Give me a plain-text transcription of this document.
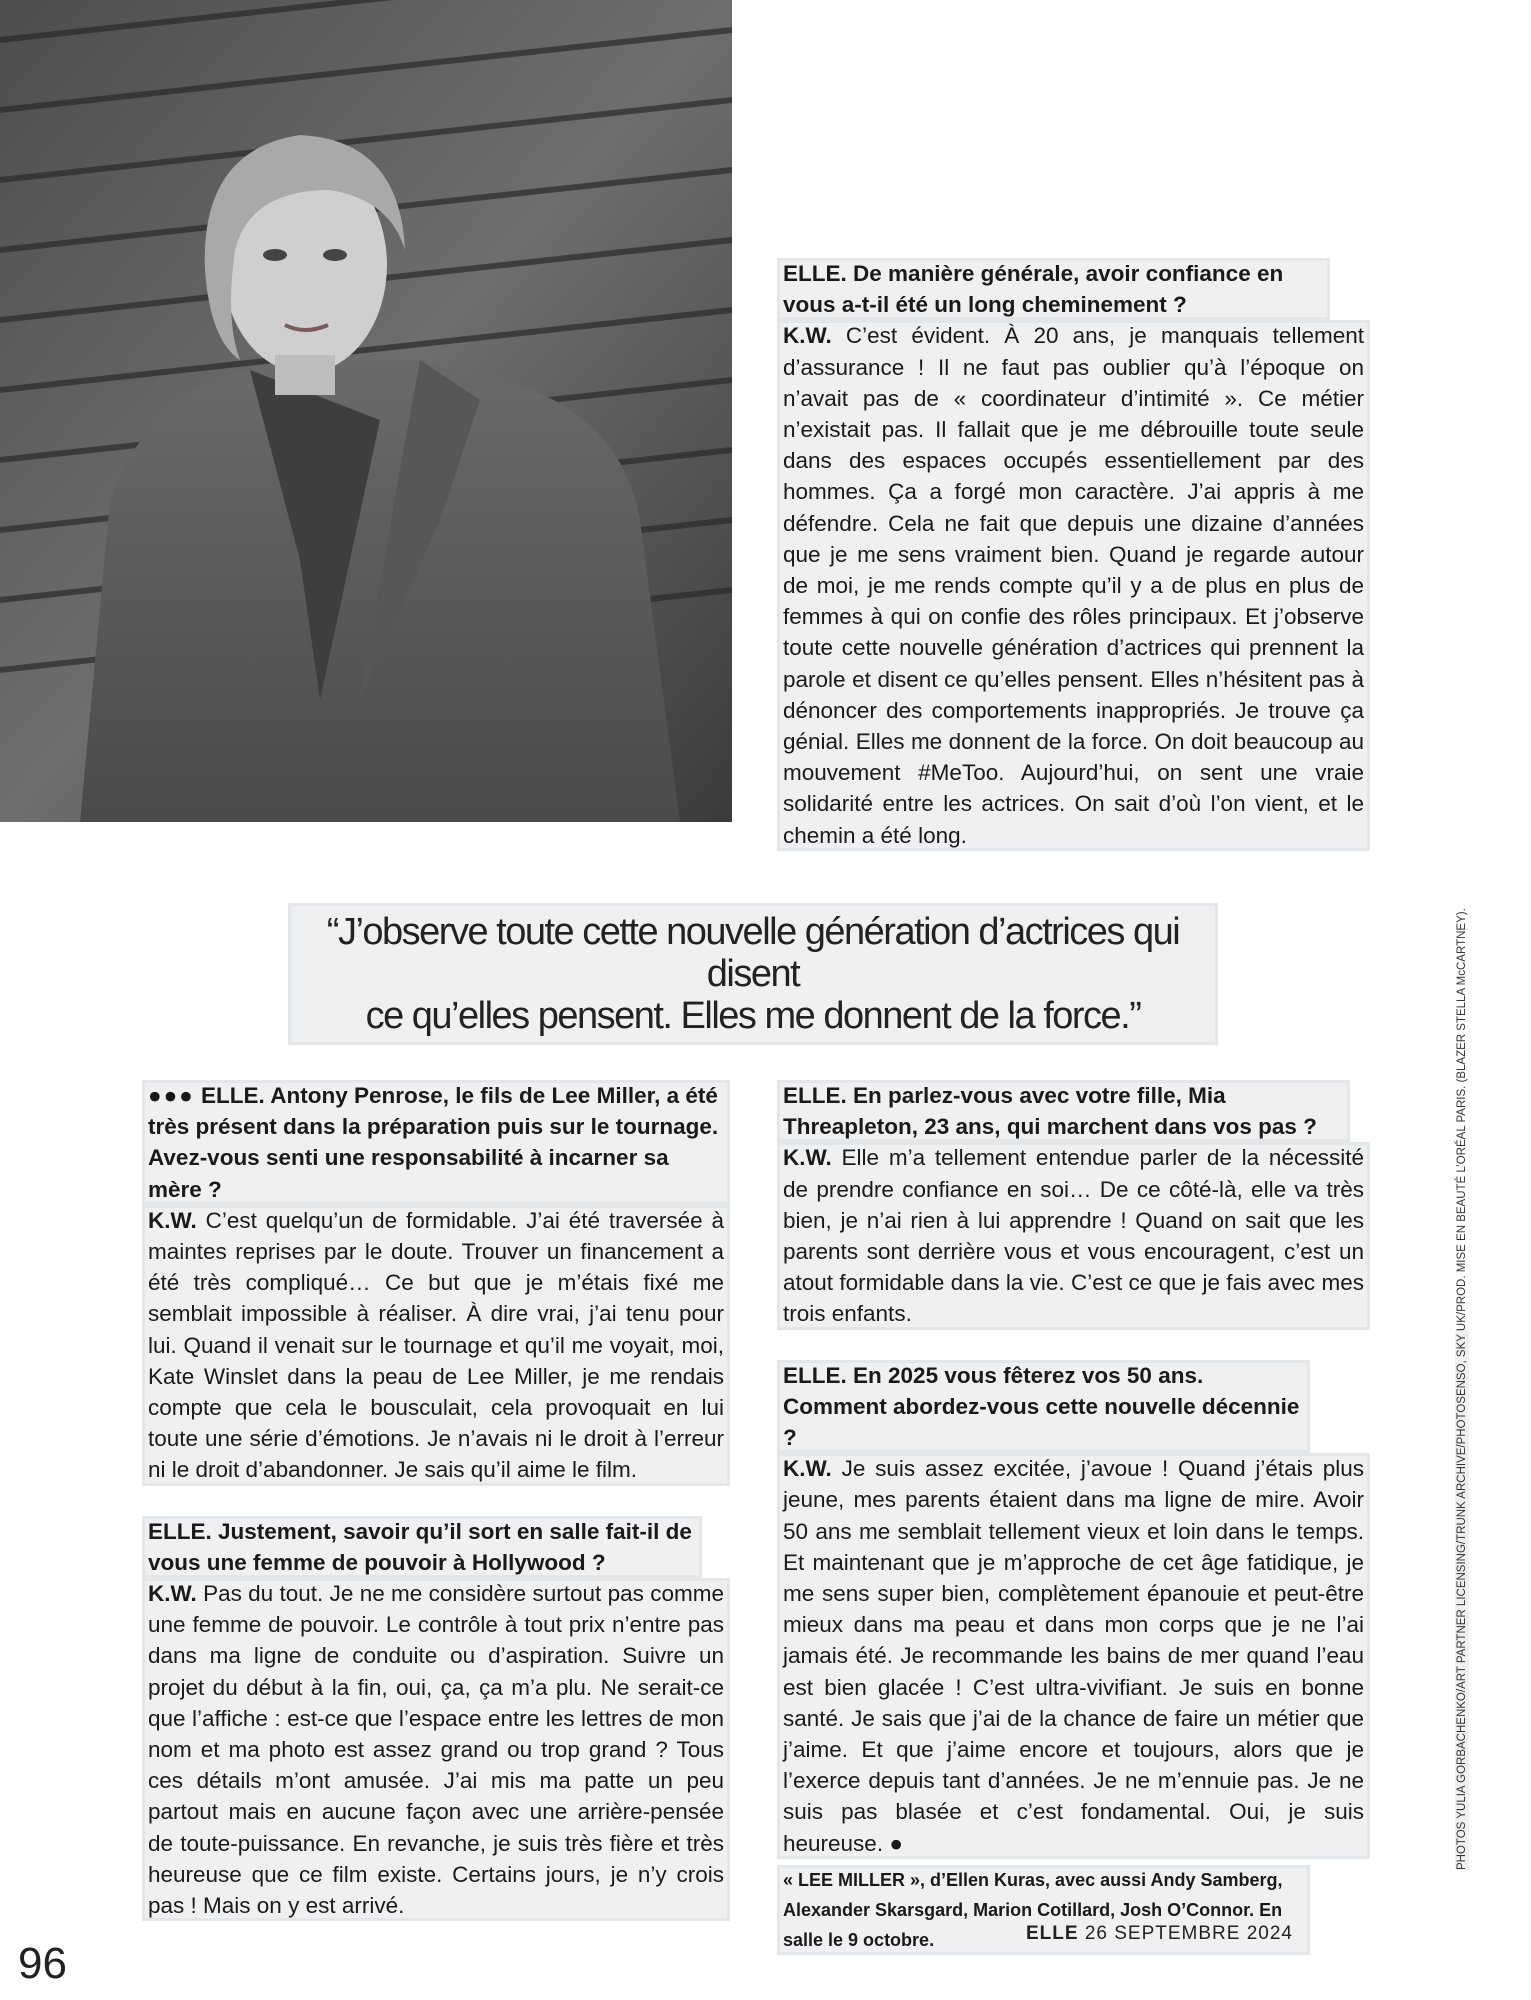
ELLE. De manière générale, avoir confiance en vous a-t-il été un long cheminement ?

K.W. C’est évident. À 20 ans, je manquais tellement d’assurance ! Il ne faut pas oublier qu’à l’époque on n’avait pas de « coordinateur d’intimité ». Ce métier n’existait pas. Il fallait que je me débrouille toute seule dans des espaces occupés essentiellement par des hommes. Ça a forgé mon caractère. J’ai appris à me défendre. Cela ne fait que depuis une dizaine d’années que je me sens vraiment bien. Quand je regarde autour de moi, je me rends compte qu’il y a de plus en plus de femmes à qui on confie des rôles principaux. Et j’observe toute cette nouvelle génération d’actrices qui prennent la parole et disent ce qu’elles pensent. Elles n’hésitent pas à dénoncer des comportements inappropriés. Je trouve ça génial. Elles me donnent de la force. On doit beaucoup au mouvement #MeToo. Aujourd’hui, on sent une vraie solidarité entre les actrices. On sait d’où l’on vient, et le chemin a été long.

“J’observe toute cette nouvelle génération d’actrices qui disent
ce qu’elles pensent. Elles me donnent de la force.”

●●● ELLE. Antony Penrose, le fils de Lee Miller, a été très présent dans la préparation puis sur le tournage. Avez-vous senti une responsabilité à incarner sa mère ?

K.W. C’est quelqu’un de formidable. J’ai été traversée à maintes reprises par le doute. Trouver un financement a été très compliqué… Ce but que je m’étais fixé me semblait impossible à réaliser. À dire vrai, j’ai tenu pour lui. Quand il venait sur le tournage et qu’il me voyait, moi, Kate Winslet dans la peau de Lee Miller, je me rendais compte que cela le bousculait, cela provoquait en lui toute une série d’émotions. Je n’avais ni le droit à l’erreur ni le droit d’abandonner. Je sais qu’il aime le film.

ELLE. Justement, savoir qu’il sort en salle fait-il de vous une femme de pouvoir à Hollywood ?

K.W. Pas du tout. Je ne me considère surtout pas comme une femme de pouvoir. Le contrôle à tout prix n’entre pas dans ma ligne de conduite ou d’aspiration. Suivre un projet du début à la fin, oui, ça, ça m’a plu. Ne serait-ce que l’affiche : est-ce que l’espace entre les lettres de mon nom et ma photo est assez grand ou trop grand ? Tous ces détails m’ont amusée. J’ai mis ma patte un peu partout mais en aucune façon avec une arrière-pensée de toute-puissance. En revanche, je suis très fière et très heureuse que ce film existe. Certains jours, je n’y crois pas ! Mais on y est arrivé.

ELLE. En parlez-vous avec votre fille, Mia Threapleton, 23 ans, qui marchent dans vos pas ?

K.W. Elle m’a tellement entendue parler de la nécessité de prendre confiance en soi… De ce côté-là, elle va très bien, je n’ai rien à lui apprendre ! Quand on sait que les parents sont derrière vous et vous encouragent, c’est un atout formidable dans la vie. C’est ce que je fais avec mes trois enfants.

ELLE. En 2025 vous fêterez vos 50 ans. Comment abordez-vous cette nouvelle décennie ?

K.W. Je suis assez excitée, j’avoue ! Quand j’étais plus jeune, mes parents étaient dans ma ligne de mire. Avoir 50 ans me semblait tellement vieux et loin dans le temps. Et maintenant que je m’approche de cet âge fatidique, je me sens super bien, complètement épanouie et peut-être mieux dans ma peau et dans mon corps que je ne l’ai jamais été. Je recommande les bains de mer quand l’eau est bien glacée ! C’est ultra-vivifiant. Je suis en bonne santé. Je sais que j’ai de la chance de faire un métier que j’aime. Et que j’aime encore et toujours, alors que je l’exerce depuis tant d’années. Je ne m’ennuie pas. Je ne suis pas blasée et c’est fondamental. Oui, je suis heureuse. ●

« LEE MILLER », d’Ellen Kuras, avec aussi Andy Samberg, Alexander Skarsgard, Marion Cotillard, Josh O’Connor. En salle le 9 octobre.

PHOTOS YULIA GORBACHENKO/ART PARTNER LICENSING/TRUNK ARCHIVE/PHOTOSENSO, SKY UK/PROD. MISE EN BEAUTÉ L’ORÉAL PARIS. (BLAZER STELLA McCARTNEY).
96
ELLE 26 SEPTEMBRE 2024
